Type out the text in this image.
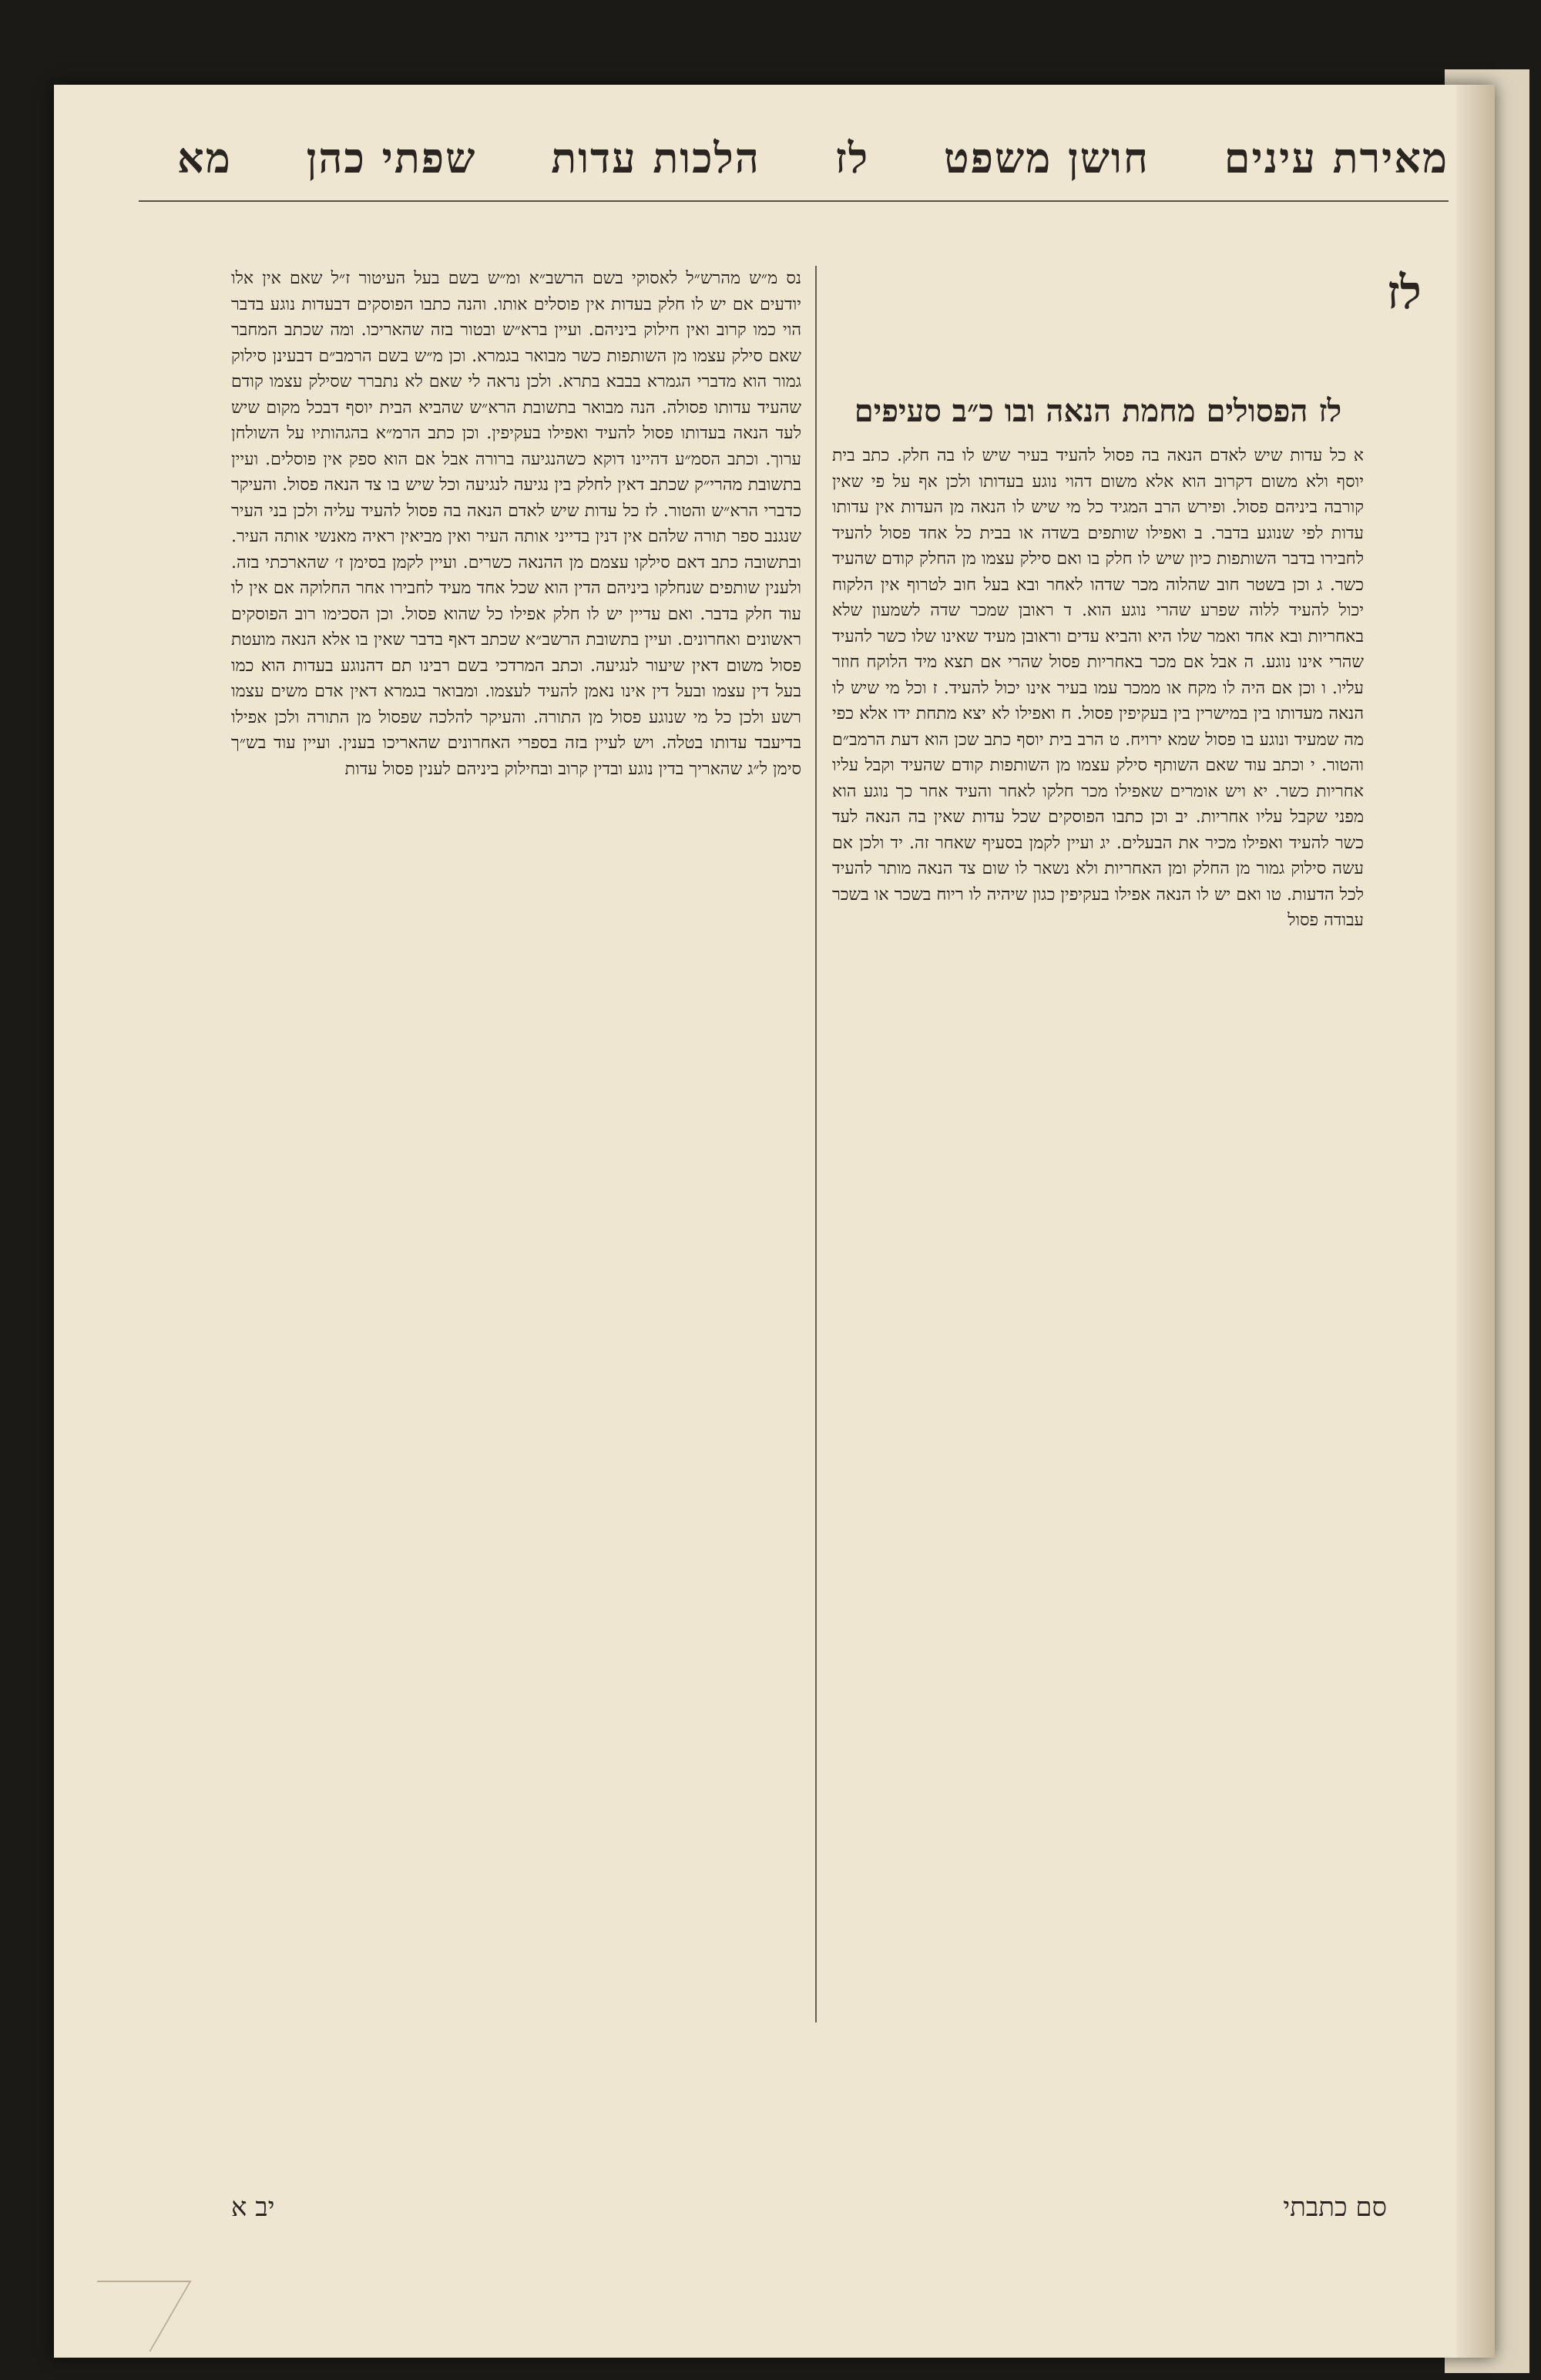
מאירת עינים
חושן משפט
לז
הלכות עדות
שפתי כהן
מא
לז
לז הפסולים מחמת הנאה ובו כ״ב סעיפים
א כל עדות שיש לאדם הנאה בה פסול להעיד בעיר שיש לו בה חלק. כתב בית יוסף ולא משום דקרוב הוא אלא משום דהוי נוגע בעדותו ולכן אף על פי שאין קורבה ביניהם פסול. ופירש הרב המגיד כל מי שיש לו הנאה מן העדות אין עדותו עדות לפי שנוגע בדבר. ב ואפילו שותפים בשדה או בבית כל אחד פסול להעיד לחבירו בדבר השותפות כיון שיש לו חלק בו ואם סילק עצמו מן החלק קודם שהעיד כשר. ג וכן בשטר חוב שהלוה מכר שדהו לאחר ובא בעל חוב לטרוף אין הלקוח יכול להעיד ללוה שפרע שהרי נוגע הוא. ד ראובן שמכר שדה לשמעון שלא באחריות ובא אחד ואמר שלו היא והביא עדים וראובן מעיד שאינו שלו כשר להעיד שהרי אינו נוגע. ה אבל אם מכר באחריות פסול שהרי אם תצא מיד הלוקח חוזר עליו. ו וכן אם היה לו מקח או ממכר עמו בעיר אינו יכול להעיד. ז וכל מי שיש לו הנאה מעדותו בין במישרין בין בעקיפין פסול. ח ואפילו לא יצא מתחת ידו אלא כפי מה שמעיד ונוגע בו פסול שמא ירויח. ט הרב בית יוסף כתב שכן הוא דעת הרמב״ם והטור. י וכתב עוד שאם השותף סילק עצמו מן השותפות קודם שהעיד וקבל עליו אחריות כשר. יא ויש אומרים שאפילו מכר חלקו לאחר והעיד אחר כך נוגע הוא מפני שקבל עליו אחריות. יב וכן כתבו הפוסקים שכל עדות שאין בה הנאה לעד כשר להעיד ואפילו מכיר את הבעלים. יג ועיין לקמן בסעיף שאחר זה. יד ולכן אם עשה סילוק גמור מן החלק ומן האחריות ולא נשאר לו שום צד הנאה מותר להעיד לכל הדעות. טו ואם יש לו הנאה אפילו בעקיפין כגון שיהיה לו ריוח בשכר או בשכר עבודה פסול
נס מ״ש מהרש״ל לאסוקי בשם הרשב״א ומ״ש בשם בעל העיטור ז״ל שאם אין אלו יודעים אם יש לו חלק בעדות אין פוסלים אותו. והנה כתבו הפוסקים דבעדות נוגע בדבר הוי כמו קרוב ואין חילוק ביניהם. ועיין ברא״ש ובטור בזה שהאריכו. ומה שכתב המחבר שאם סילק עצמו מן השותפות כשר מבואר בגמרא. וכן מ״ש בשם הרמב״ם דבעינן סילוק גמור הוא מדברי הגמרא בבבא בתרא. ולכן נראה לי שאם לא נתברר שסילק עצמו קודם שהעיד עדותו פסולה. הנה מבואר בתשובת הרא״ש שהביא הבית יוסף דבכל מקום שיש לעד הנאה בעדותו פסול להעיד ואפילו בעקיפין. וכן כתב הרמ״א בהגהותיו על השולחן ערוך. וכתב הסמ״ע דהיינו דוקא כשהנגיעה ברורה אבל אם הוא ספק אין פוסלים. ועיין בתשובת מהרי״ק שכתב דאין לחלק בין נגיעה לנגיעה וכל שיש בו צד הנאה פסול. והעיקר כדברי הרא״ש והטור. לז כל עדות שיש לאדם הנאה בה פסול להעיד עליה ולכן בני העיר שנגנב ספר תורה שלהם אין דנין בדייני אותה העיר ואין מביאין ראיה מאנשי אותה העיר. ובתשובה כתב דאם סילקו עצמם מן ההנאה כשרים. ועיין לקמן בסימן ז׳ שהארכתי בזה. ולענין שותפים שנחלקו ביניהם הדין הוא שכל אחד מעיד לחבירו אחר החלוקה אם אין לו עוד חלק בדבר. ואם עדיין יש לו חלק אפילו כל שהוא פסול. וכן הסכימו רוב הפוסקים ראשונים ואחרונים. ועיין בתשובת הרשב״א שכתב דאף בדבר שאין בו אלא הנאה מועטת פסול משום דאין שיעור לנגיעה. וכתב המרדכי בשם רבינו תם דהנוגע בעדות הוא כמו בעל דין עצמו ובעל דין אינו נאמן להעיד לעצמו. ומבואר בגמרא דאין אדם משים עצמו רשע ולכן כל מי שנוגע פסול מן התורה. והעיקר להלכה שפסול מן התורה ולכן אפילו בדיעבד עדותו בטלה. ויש לעיין בזה בספרי האחרונים שהאריכו בענין. ועיין עוד בש״ך סימן ל״ג שהאריך בדין נוגע ובדין קרוב ובחילוק ביניהם לענין פסול עדות
סם כתבתי
יב א
